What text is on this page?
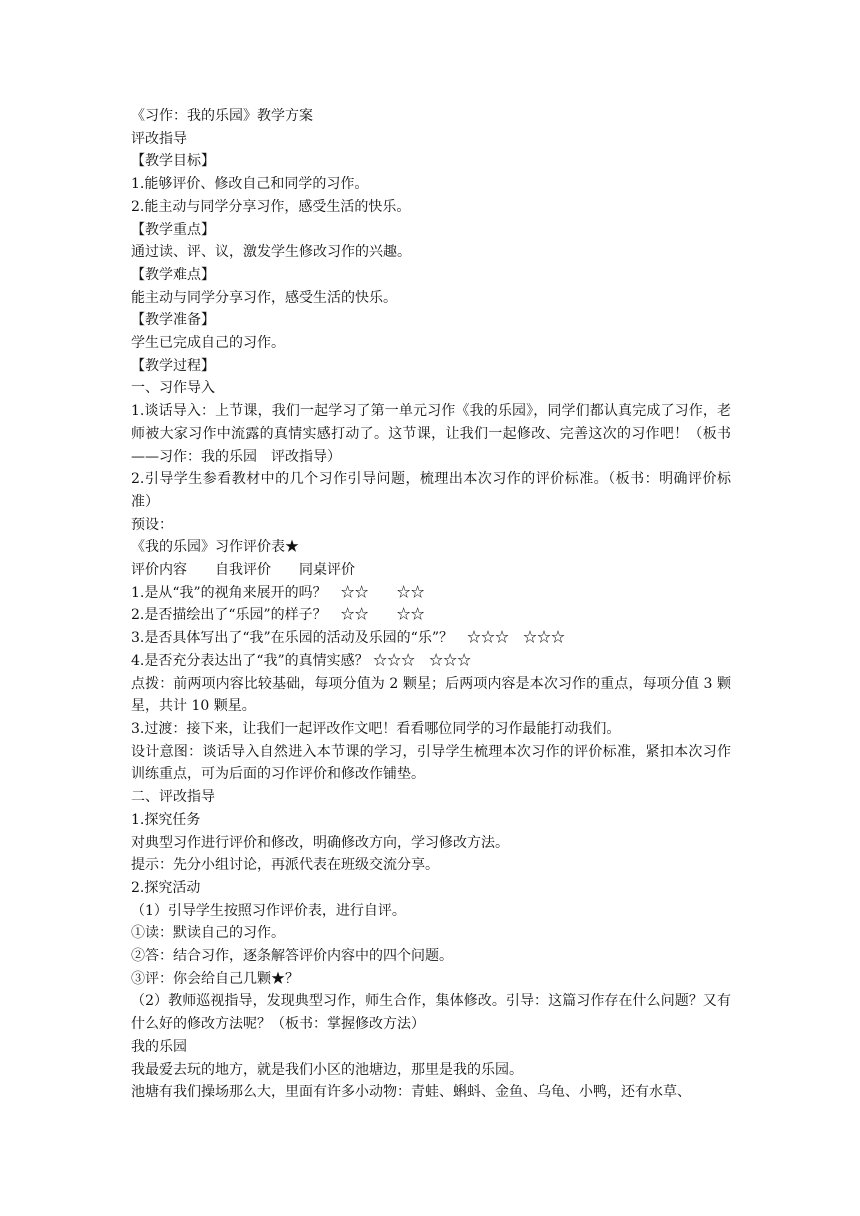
《习作：我的乐园》教学方案

评改指导

【教学目标】

1.能够评价、修改自己和同学的习作。

2.能主动与同学分享习作，感受生活的快乐。

【教学重点】

通过读、评、议，激发学生修改习作的兴趣。

【教学难点】

能主动与同学分享习作，感受生活的快乐。

【教学准备】

学生已完成自己的习作。

【教学过程】

一、习作导入

1.谈话导入：上节课，我们一起学习了第一单元习作《我的乐园》，同学们都认真完成了习作，老师被大家习作中流露的真情实感打动了。这节课，让我们一起修改、完善这次的习作吧！（板书——习作：我的乐园　评改指导）

2.引导学生参看教材中的几个习作引导问题，梳理出本次习作的评价标准。（板书：明确评价标准）

预设：

《我的乐园》习作评价表★

评价内容　　自我评价　　同桌评价

1.是从“我”的视角来展开的吗？　☆☆　　☆☆

2.是否描绘出了“乐园”的样子？　☆☆　　☆☆

3.是否具体写出了“我”在乐园的活动及乐园的“乐”？　☆☆☆　☆☆☆

4.是否充分表达出了“我”的真情实感？ ☆☆☆　☆☆☆

点拨：前两项内容比较基础，每项分值为 2 颗星；后两项内容是本次习作的重点，每项分值 3 颗星，共计 10 颗星。

3.过渡：接下来，让我们一起评改作文吧！看看哪位同学的习作最能打动我们。

设计意图：谈话导入自然进入本节课的学习，引导学生梳理本次习作的评价标准，紧扣本次习作训练重点，可为后面的习作评价和修改作铺垫。

二、评改指导

1.探究任务

对典型习作进行评价和修改，明确修改方向，学习修改方法。

提示：先分小组讨论，再派代表在班级交流分享。

2.探究活动

（1）引导学生按照习作评价表，进行自评。

①读：默读自己的习作。

②答：结合习作，逐条解答评价内容中的四个问题。

③评：你会给自己几颗★？

（2）教师巡视指导，发现典型习作，师生合作，集体修改。引导：这篇习作存在什么问题？又有什么好的修改方法呢？（板书：掌握修改方法）

我的乐园

我最爱去玩的地方，就是我们小区的池塘边，那里是我的乐园。

池塘有我们操场那么大，里面有许多小动物：青蛙、蝌蚪、金鱼、乌龟、小鸭，还有水草、
